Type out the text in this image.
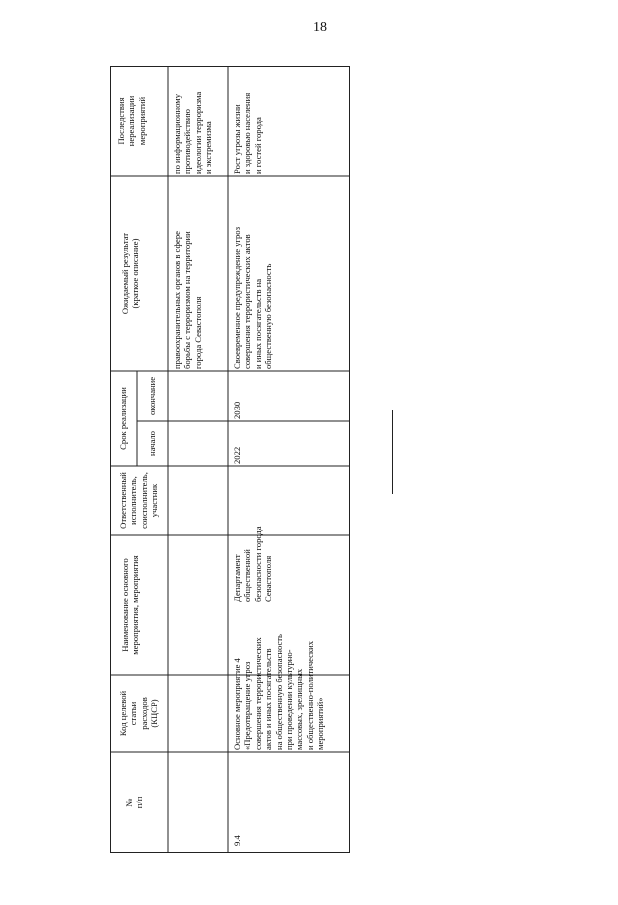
18
Последствия
нереализации
мероприятий
Ожидаемый результат
(краткое описание)
Срок реализации окончание
начало
Ответственный
исполнитель,
соисполнитель,
участник
Наименование основного
мероприятия, мероприятия
Код целевой
статьи
расходов
(КЦСР)
№
п/п
по информационному
противодействию
идеологии терроризма
и экстремизма
правоохранительных органов в сфере
борьбы с терроризмом на территории
города Севастополя
Рост угрозы жизни
и здоровью населения
и гостей города
Своевременное предупреждение угроз
совершения террористических актов
и иных посягательств на
общественную безопасность
2030
2022
Департамент
общественной
безопасности города
Севастополя
Основное мероприятие 4
«Предотвращение угроз
совершения террористических
актов и иных посягательств
на общественную безопасность
при проведении культурно-
массовых, зрелищных
и общественно-политических
мероприятий»
9.4
